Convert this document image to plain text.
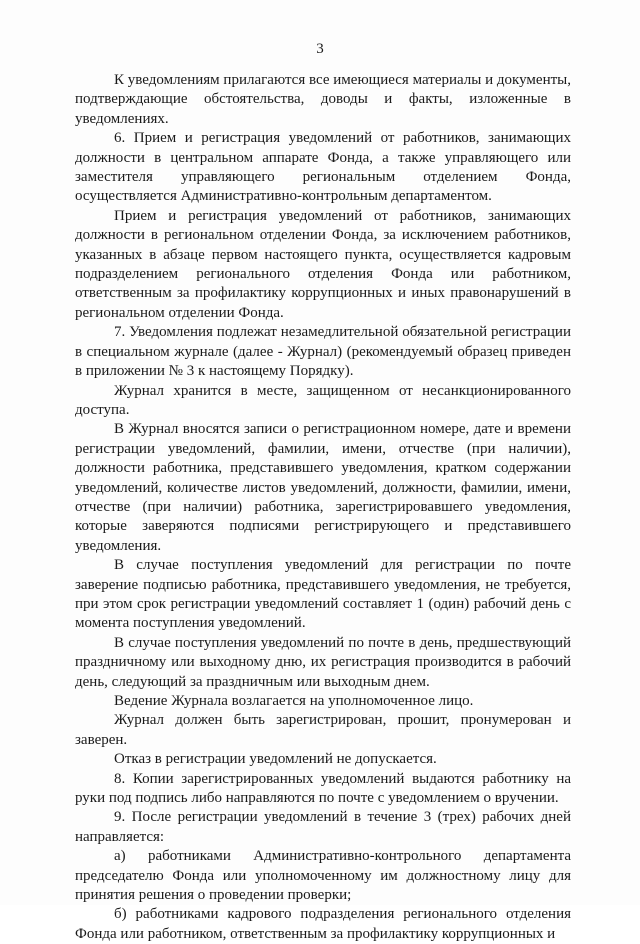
3

К уведомлениям прилагаются все имеющиеся материалы и документы, подтверждающие обстоятельства, доводы и факты, изложенные в уведомлениях.

6. Прием и регистрация уведомлений от работников, занимающих должности в центральном аппарате Фонда, а также управляющего или заместителя управляющего региональным отделением Фонда, осуществляется Административно-контрольным департаментом.

Прием и регистрация уведомлений от работников, занимающих должности в региональном отделении Фонда, за исключением работников, указанных в абзаце первом настоящего пункта, осуществляется кадровым подразделением регионального отделения Фонда или работником, ответственным за профилактику коррупционных и иных правонарушений в региональном отделении Фонда.

7. Уведомления подлежат незамедлительной обязательной регистрации в специальном журнале (далее - Журнал) (рекомендуемый образец приведен в приложении № 3 к настоящему Порядку).

Журнал хранится в месте, защищенном от несанкционированного доступа.

В Журнал вносятся записи о регистрационном номере, дате и времени регистрации уведомлений, фамилии, имени, отчестве (при наличии), должности работника, представившего уведомления, кратком содержании уведомлений, количестве листов уведомлений, должности, фамилии, имени, отчестве (при наличии) работника, зарегистрировавшего уведомления, которые заверяются подписями регистрирующего и представившего уведомления.

В случае поступления уведомлений для регистрации по почте заверение подписью работника, представившего уведомления, не требуется, при этом срок регистрации уведомлений составляет 1 (один) рабочий день с момента поступления уведомлений.

В случае поступления уведомлений по почте в день, предшествующий праздничному или выходному дню, их регистрация производится в рабочий день, следующий за праздничным или выходным днем.

Ведение Журнала возлагается на уполномоченное лицо.

Журнал должен быть зарегистрирован, прошит, пронумерован и заверен.

Отказ в регистрации уведомлений не допускается.

8. Копии зарегистрированных уведомлений выдаются работнику на руки под подпись либо направляются по почте с уведомлением о вручении.

9. После регистрации уведомлений в течение 3 (трех) рабочих дней направляется:

а) работниками Административно-контрольного департамента председателю Фонда или уполномоченному им должностному лицу для принятия решения о проведении проверки;

б) работниками кадрового подразделения регионального отделения Фонда или работником, ответственным за профилактику коррупционных и
